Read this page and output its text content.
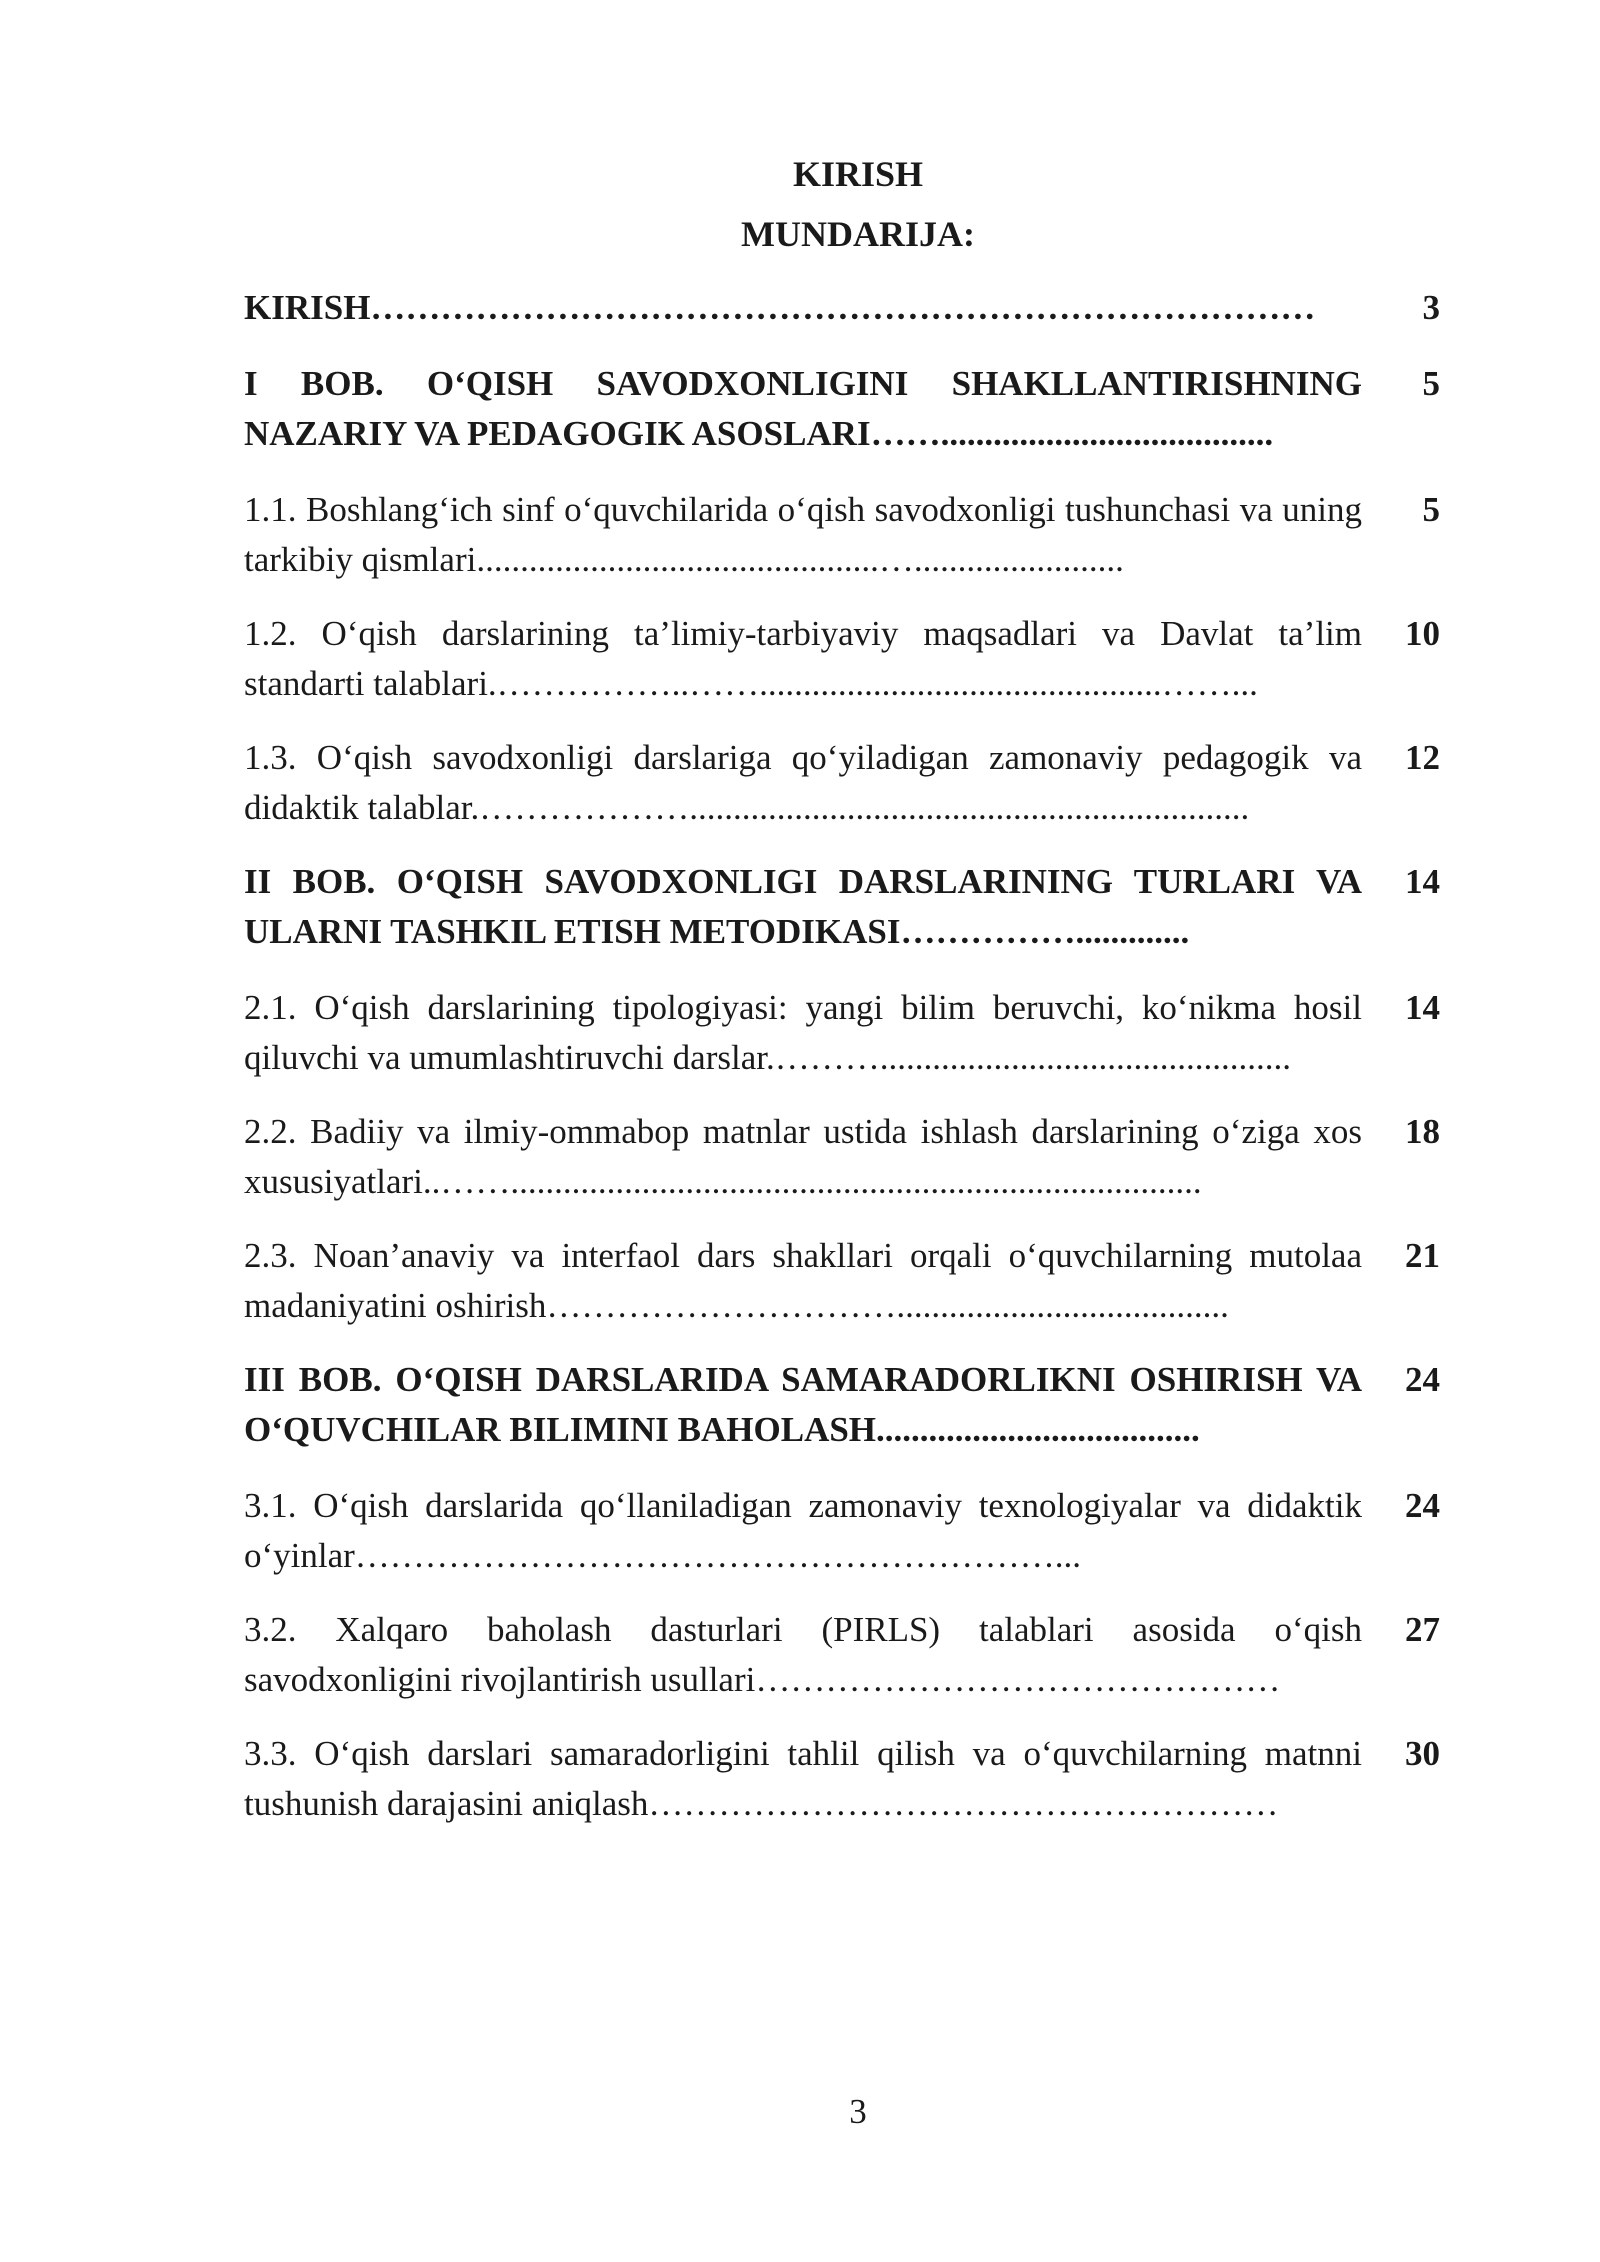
KIRISH
MUNDARIJA:
KIRISH………………………………………………………………………	3
I BOB. O‘QISH SAVODXONLIGINI SHAKLLANTIRISHNING NAZARIY VA PEDAGOGIK ASOSLARI……......................................
5
1.1. Boshlang‘ich sinf o‘quvchilarida o‘qish savodxonligi tushunchasi va uning tarkibiy qismlari..............................................…........................
5
1.2. O‘qish darslarining ta’limiy-tarbiyaviy maqsadlari va Davlat ta’lim standarti talablari.……………..……..............................................……...
10
1.3. O‘qish savodxonligi darslariga qo‘yiladigan zamonaviy pedagogik va didaktik talablar.………………................................................................
12
II BOB. O‘QISH SAVODXONLIGI DARSLARINING TURLARI VA ULARNI TASHKIL ETISH METODIKASI…………….............
14
2.1. O‘qish darslarining tipologiyasi: yangi bilim beruvchi, ko‘nikma hosil qiluvchi va umumlashtiruvchi darslar.………...............................................
14
2.2. Badiiy va ilmiy-ommabop matnlar ustida ishlash darslarining o‘ziga xos xususiyatlari..……...............................................................................
18
2.3. Noan’anaviy va interfaol dars shakllari orqali o‘quvchilarning mutolaa madaniyatini oshirish…………………………......................................
21
III BOB. O‘QISH DARSLARIDA SAMARADORLIKNI OSHIRISH VA O‘QUVCHILAR BILIMINI BAHOLASH.....................................
24
3.1. O‘qish darslarida qo‘llaniladigan zamonaviy texnologiyalar va didaktik o‘yinlar……………………………………………………...
24
3.2. Xalqaro baholash dasturlari (PIRLS) talablari asosida o‘qish savodxonligini rivojlantirish usullari………………………………………
27
3.3. O‘qish darslari samaradorligini tahlil qilish va o‘quvchilarning matnni tushunish darajasini aniqlash………………………………………………
30
3
